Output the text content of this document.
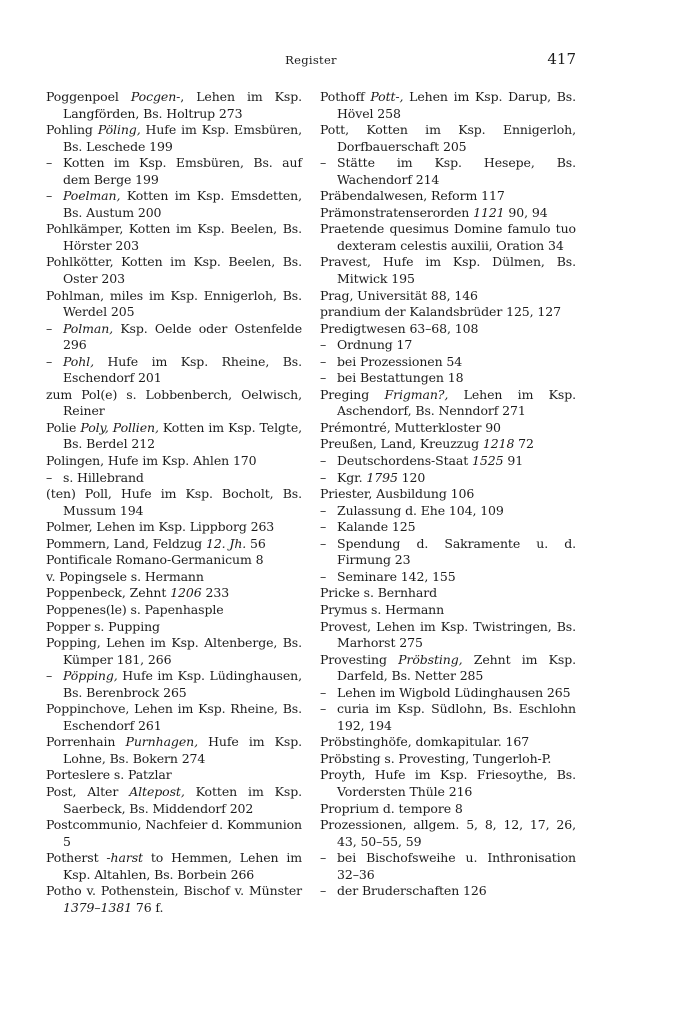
Register	417
Poggenpoel Pocgen-, Lehen im Ksp. Langförden, Bs. Holtrup 273
Pohling Pöling, Hufe im Ksp. Emsbüren, Bs. Leschede 199
– Kotten im Ksp. Emsbüren, Bs. auf dem Berge 199
– Poelman, Kotten im Ksp. Emsdetten, Bs. Austum 200
Pohlkämper, Kotten im Ksp. Beelen, Bs. Hörster 203
Pohlkötter, Kotten im Ksp. Beelen, Bs. Oster 203
Pohlman, miles im Ksp. Ennigerloh, Bs. Werdel 205
– Polman, Ksp. Oelde oder Ostenfelde 296
– Pohl, Hufe im Ksp. Rheine, Bs. Eschendorf 201
zum Pol(e) s. Lobbenberch, Oelwisch, Reiner
Polie Poly, Pollien, Kotten im Ksp. Telgte, Bs. Berdel 212
Polingen, Hufe im Ksp. Ahlen 170
– s. Hillebrand
(ten) Poll, Hufe im Ksp. Bocholt, Bs. Mussum 194
Polmer, Lehen im Ksp. Lippborg 263
Pommern, Land, Feldzug 12. Jh. 56
Pontificale Romano-Germanicum 8
v. Popingsele s. Hermann
Poppenbeck, Zehnt 1206 233
Poppenes(le) s. Papenhasple
Popper s. Pupping
Popping, Lehen im Ksp. Altenberge, Bs. Kümper 181, 266
– Pöpping, Hufe im Ksp. Lüdinghausen, Bs. Berenbrock 265
Poppinchove, Lehen im Ksp. Rheine, Bs. Eschendorf 261
Porrenhain Purnhagen, Hufe im Ksp. Lohne, Bs. Bokern 274
Porteslere s. Patzlar
Post, Alter Altepost, Kotten im Ksp. Saerbeck, Bs. Middendorf 202
Postcommunio, Nachfeier d. Kommunion 5
Potherst -harst to Hemmen, Lehen im Ksp. Altahlen, Bs. Borbein 266
Potho v. Pothenstein, Bischof v. Münster 1379–1381 76 f.
Pothoff Pott-, Lehen im Ksp. Darup, Bs. Hövel 258
Pott, Kotten im Ksp. Ennigerloh, Dorfbauerschaft 205
– Stätte im Ksp. Hesepe, Bs. Wachendorf 214
Präbendalwesen, Reform 117
Prämonstratenserorden 1121 90, 94
Praetende quesimus Domine famulo tuo dexteram celestis auxilii, Oration 34
Pravest, Hufe im Ksp. Dülmen, Bs. Mitwick 195
Prag, Universität 88, 146
prandium der Kalandsbrüder 125, 127
Predigtwesen 63–68, 108
– Ordnung 17
– bei Prozessionen 54
– bei Bestattungen 18
Preging Frigman?, Lehen im Ksp. Aschendorf, Bs. Nenndorf 271
Prémontré, Mutterkloster 90
Preußen, Land, Kreuzzug 1218 72
– Deutschordens-Staat 1525 91
– Kgr. 1795 120
Priester, Ausbildung 106
– Zulassung d. Ehe 104, 109
– Kalande 125
– Spendung d. Sakramente u. d. Firmung 23
– Seminare 142, 155
Pricke s. Bernhard
Prymus s. Hermann
Provest, Lehen im Ksp. Twistringen, Bs. Marhorst 275
Provesting Pröbsting, Zehnt im Ksp. Darfeld, Bs. Netter 285
– Lehen im Wigbold Lüdinghausen 265
– curia im Ksp. Südlohn, Bs. Eschlohn 192, 194
Pröbstinghöfe, domkapitular. 167
Pröbsting s. Provesting, Tungerloh-P.
Proyth, Hufe im Ksp. Friesoythe, Bs. Vordersten Thüle 216
Proprium d. tempore 8
Prozessionen, allgem. 5, 8, 12, 17, 26, 43, 50–55, 59
– bei Bischofsweihe u. Inthronisation 32–36
– der Bruderschaften 126
